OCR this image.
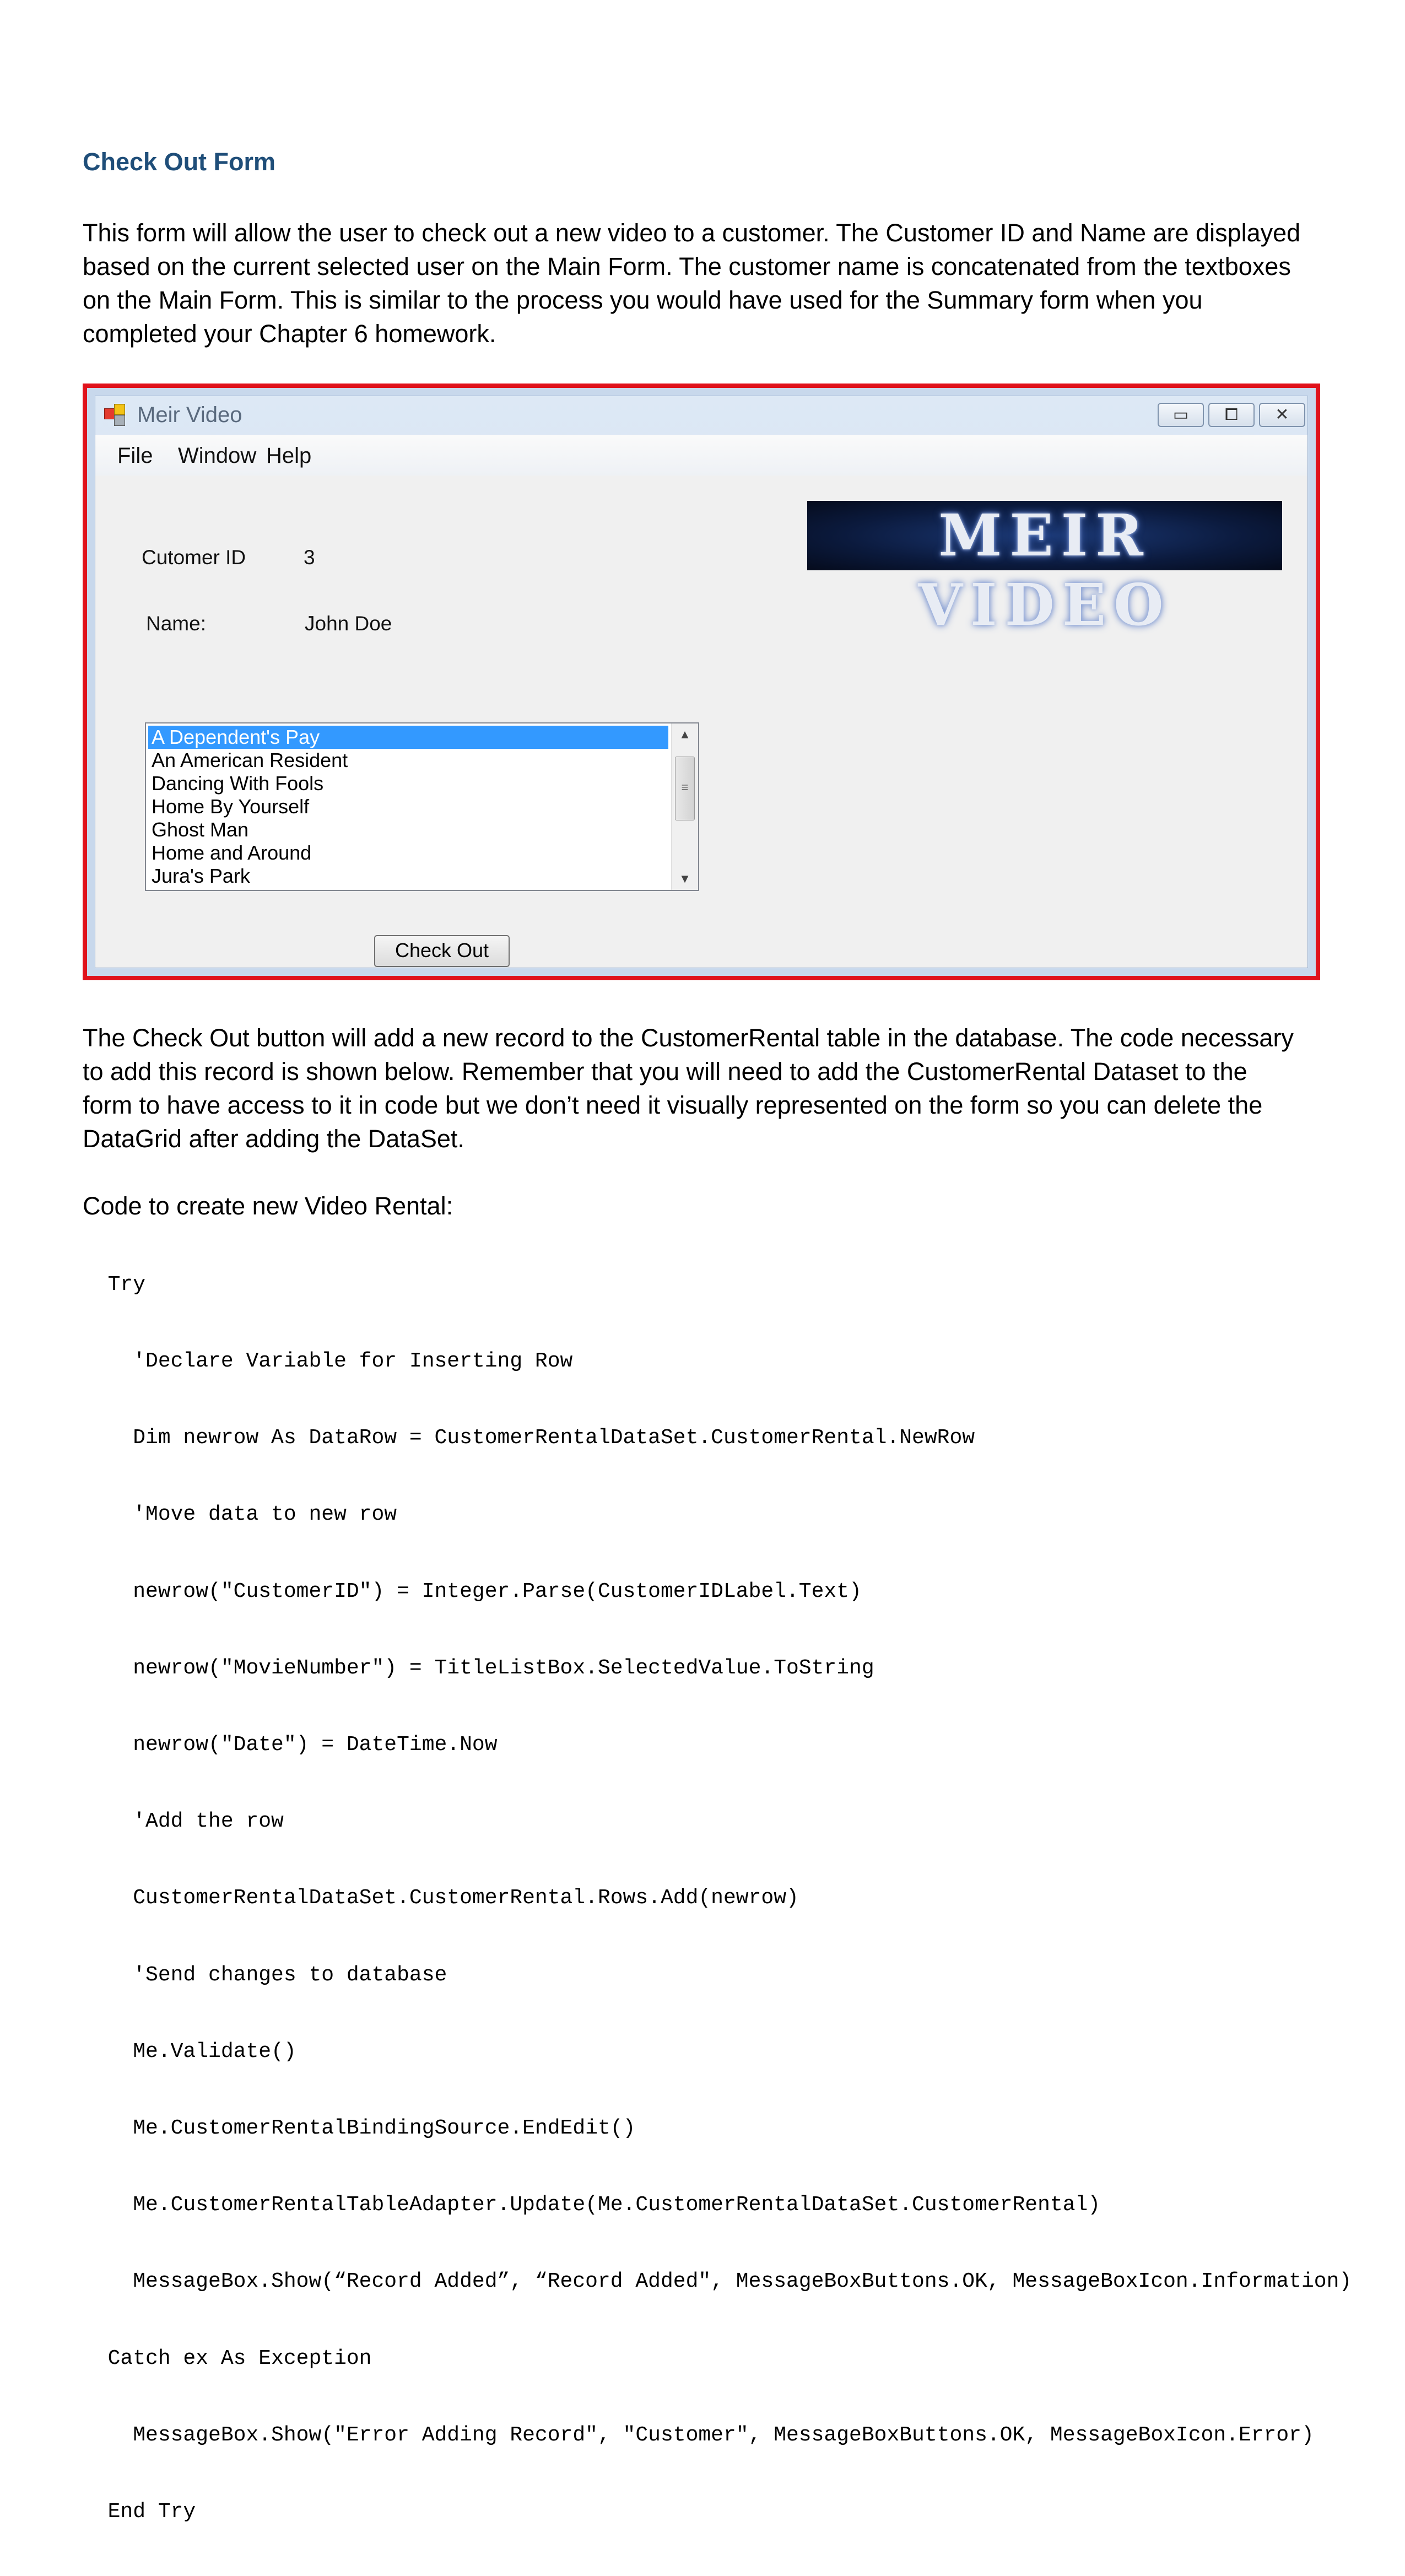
Check Out Form
This form will allow the user to check out a new video to a customer. The Customer ID and Name are displayed
based on the current selected user on the Main Form. The customer name is concatenated from the textboxes
on the Main Form. This is similar to the process you would have used for the Summary form when you
completed your Chapter 6 homework.
Meir Video	▭	⧠	✕
File Window Help
Cutomer ID	3
Name:	John Doe
MEIR VIDEO
A Dependent's Pay
An American Resident
Dancing With Fools
Home By Yourself
Ghost Man
Home and Around
Jura's Park
▲
≡
▼
Check Out
The Check Out button will add a new record to the CustomerRental table in the database. The code necessary
to add this record is shown below. Remember that you will need to add the CustomerRental Dataset to the
form to have access to it in code but we don’t need it visually represented on the form so you can delete the
DataGrid after adding the DataSet.
Code to create new Video Rental:

Try

'Declare Variable for Inserting Row

Dim newrow As DataRow = CustomerRentalDataSet.CustomerRental.NewRow

'Move data to new row

newrow("CustomerID") = Integer.Parse(CustomerIDLabel.Text)

newrow("MovieNumber") = TitleListBox.SelectedValue.ToString

newrow("Date") = DateTime.Now

'Add the row

CustomerRentalDataSet.CustomerRental.Rows.Add(newrow)

'Send changes to database

Me.Validate()

Me.CustomerRentalBindingSource.EndEdit()

Me.CustomerRentalTableAdapter.Update(Me.CustomerRentalDataSet.CustomerRental)

MessageBox.Show(“Record Added”, “Record Added", MessageBoxButtons.OK, MessageBoxIcon.Information)

Catch ex As Exception

MessageBox.Show("Error Adding Record", "Customer", MessageBoxButtons.OK, MessageBoxIcon.Error)

End Try
